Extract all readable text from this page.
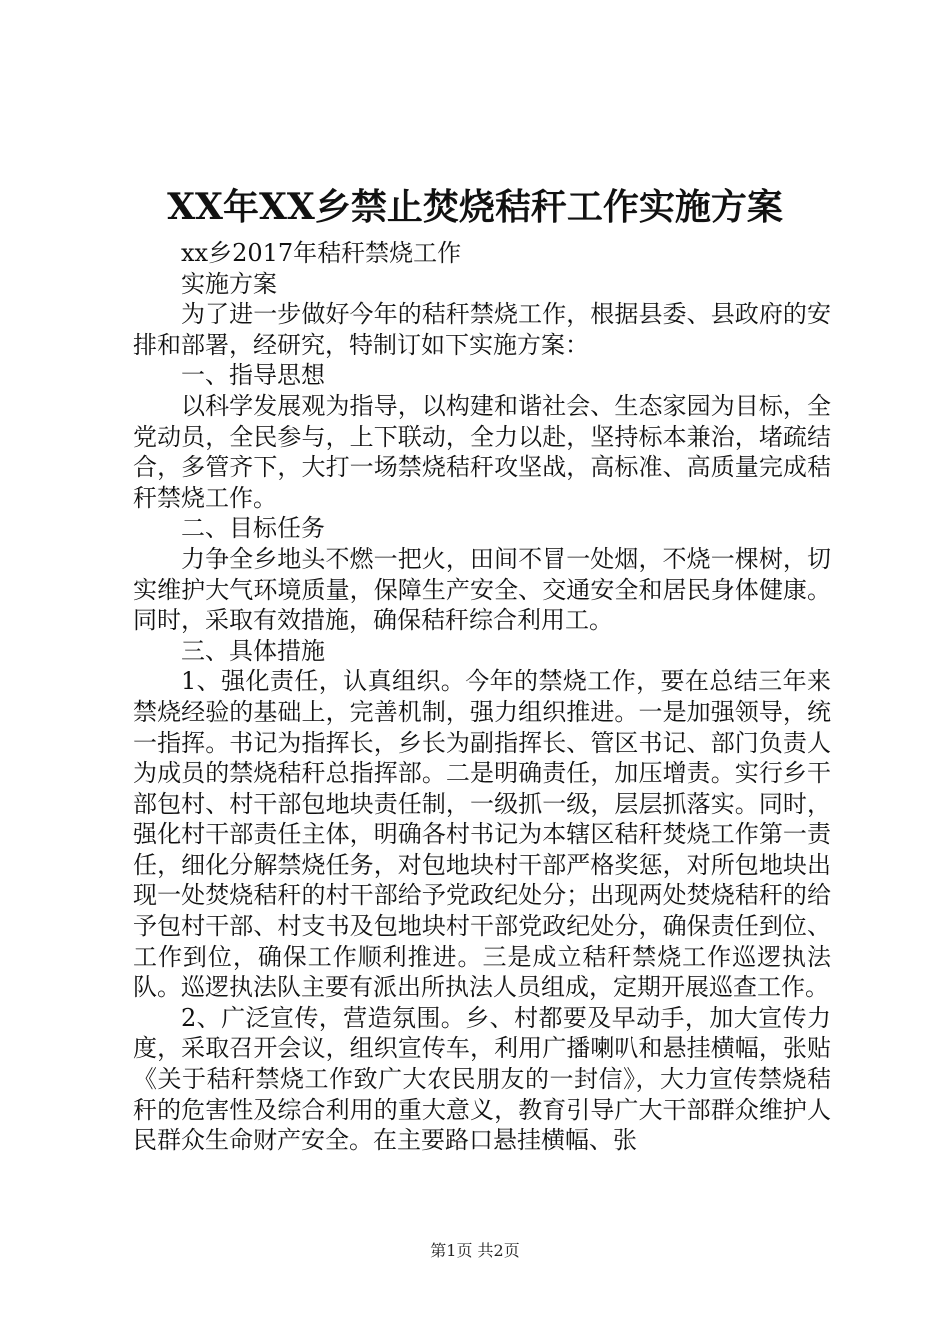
XX年XX乡禁止焚烧秸秆工作实施方案

xx乡2017年秸秆禁烧工作

实施方案

为了进一步做好今年的秸秆禁烧工作，根据县委、县政府的安排和部署，经研究，特制订如下实施方案：

一、指导思想

以科学发展观为指导，以构建和谐社会、生态家园为目标，全党动员，全民参与，上下联动，全力以赴，坚持标本兼治，堵疏结合，多管齐下，大打一场禁烧秸秆攻坚战，高标准、高质量完成秸秆禁烧工作。

二、目标任务

力争全乡地头不燃一把火，田间不冒一处烟，不烧一棵树，切实维护大气环境质量，保障生产安全、交通安全和居民身体健康。同时，采取有效措施，确保秸秆综合利用工。

三、具体措施

1、强化责任，认真组织。今年的禁烧工作，要在总结三年来禁烧经验的基础上，完善机制，强力组织推进。一是加强领导，统一指挥。书记为指挥长，乡长为副指挥长、管区书记、部门负责人为成员的禁烧秸秆总指挥部。二是明确责任，加压增责。实行乡干部包村、村干部包地块责任制，一级抓一级，层层抓落实。同时，强化村干部责任主体，明确各村书记为本辖区秸秆焚烧工作第一责任，细化分解禁烧任务，对包地块村干部严格奖惩，对所包地块出现一处焚烧秸秆的村干部给予党政纪处分；出现两处焚烧秸秆的给予包村干部、村支书及包地块村干部党政纪处分，确保责任到位、工作到位，确保工作顺利推进。三是成立秸秆禁烧工作巡逻执法队。巡逻执法队主要有派出所执法人员组成，定期开展巡查工作。

2、广泛宣传，营造氛围。乡、村都要及早动手，加大宣传力度，采取召开会议，组织宣传车，利用广播喇叭和悬挂横幅，张贴《关于秸秆禁烧工作致广大农民朋友的一封信》，大力宣传禁烧秸秆的危害性及综合利用的重大意义，教育引导广大干部群众维护人民群众生命财产安全。在主要路口悬挂横幅、张

第1页 共2页
